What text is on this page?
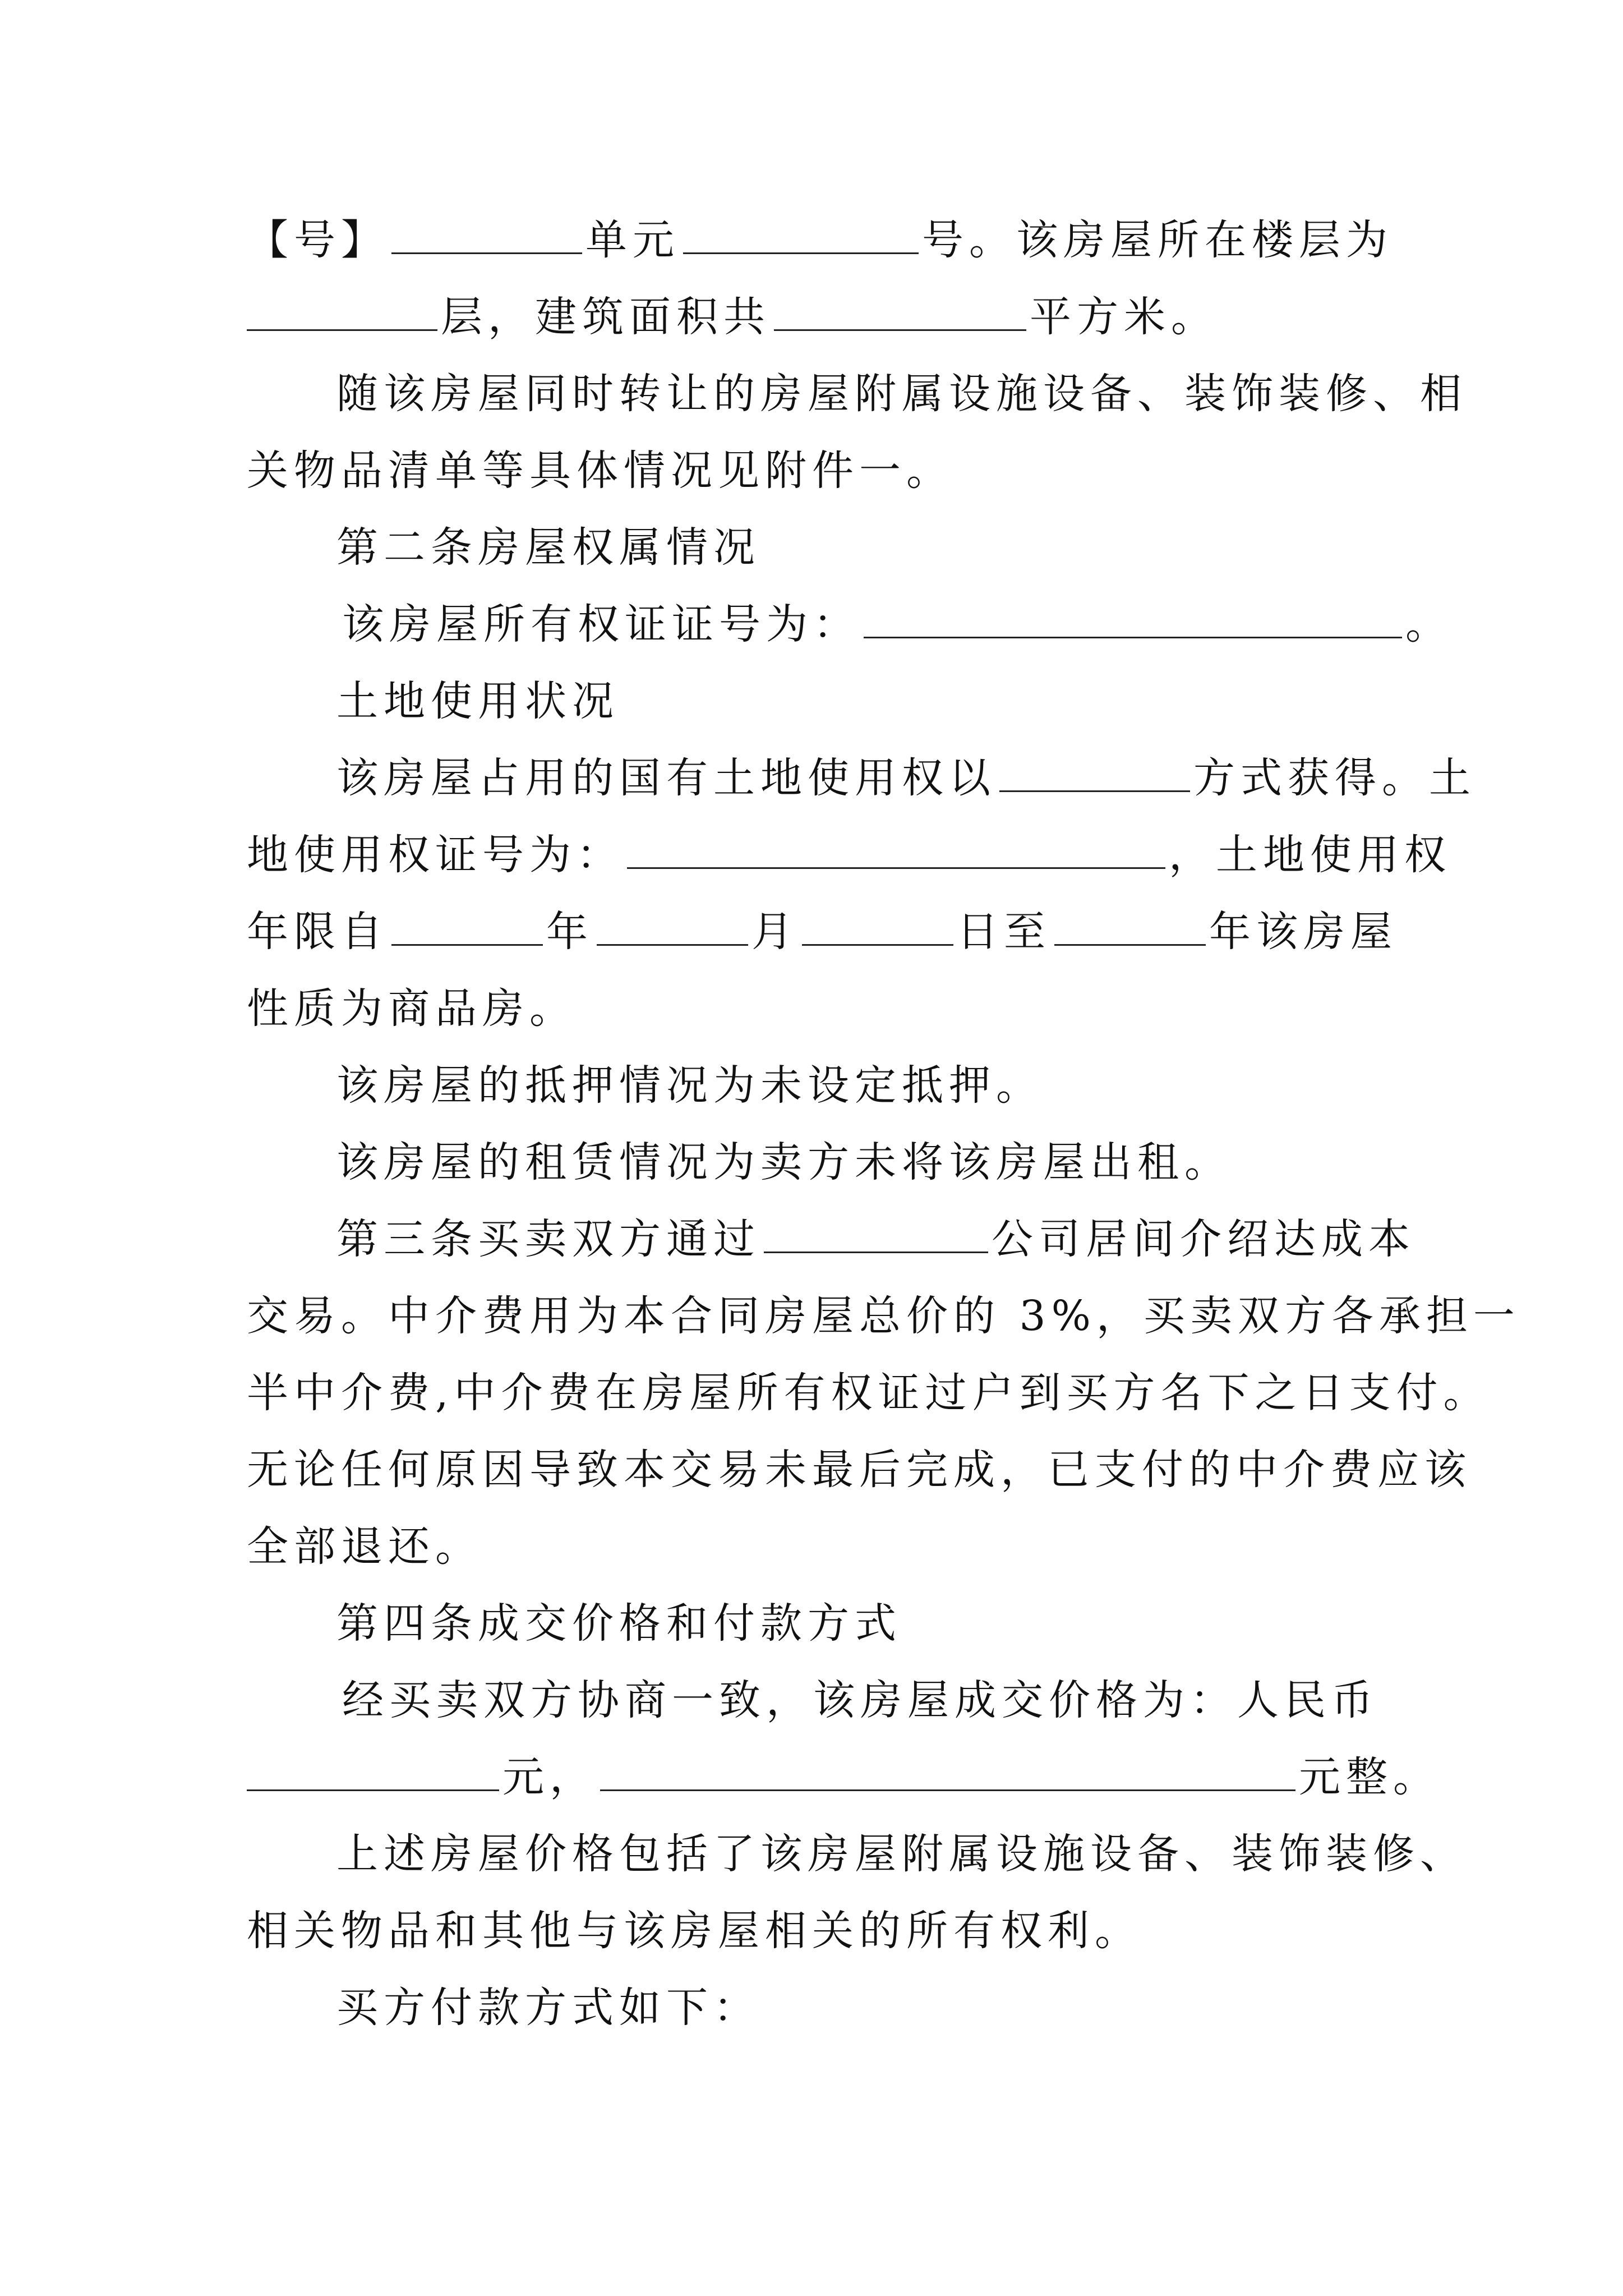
【号】	单元	号。该房屋所在楼层为
层，建筑面积共	平方米。
随该房屋同时转让的房屋附属设施设备、装饰装修、相
关物品清单等具体情况见附件一。
第二条房屋权属情况
该房屋所有权证证号为：	。
土地使用状况
该房屋占用的国有土地使用权以	方式获得。土
地使用权证号为：	，土地使用权
年限自	年	月	日至	年该房屋
性质为商品房。
该房屋的抵押情况为未设定抵押。
该房屋的租赁情况为卖方未将该房屋出租。
第三条买卖双方通过	公司居间介绍达成本
交易。中介费用为本合同房屋总价的 3%，买卖双方各承担一
半中介费,中介费在房屋所有权证过户到买方名下之日支付。
无论任何原因导致本交易未最后完成，已支付的中介费应该
全部退还。
第四条成交价格和付款方式
经买卖双方协商一致，该房屋成交价格为：人民币
元，	元整。
上述房屋价格包括了该房屋附属设施设备、装饰装修、
相关物品和其他与该房屋相关的所有权利。
买方付款方式如下：
